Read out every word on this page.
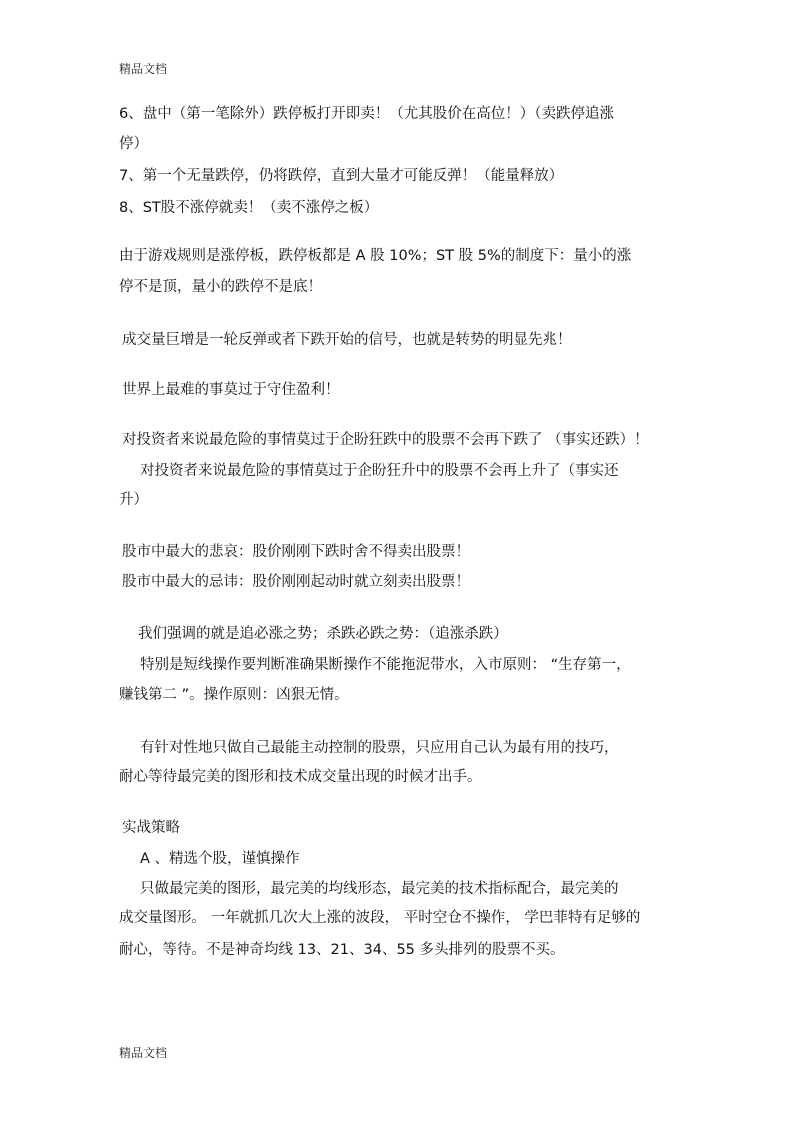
精品文档
6、盘中（第一笔除外）跌停板打开即卖！（尤其股价在高位！）（卖跌停追涨
停）
7、第一个无量跌停，仍将跌停，直到大量才可能反弹！（能量释放）
8、ST股不涨停就卖！（卖不涨停之板）
由于游戏规则是涨停板，跌停板都是 A 股 10%；ST 股 5%的制度下：量小的涨
停不是顶，量小的跌停不是底！
成交量巨增是一轮反弹或者下跌开始的信号，也就是转势的明显先兆！
世界上最难的事莫过于守住盈利！
对投资者来说最危险的事情莫过于企盼狂跌中的股票不会再下跌了 （事实还跌）！
对投资者来说最危险的事情莫过于企盼狂升中的股票不会再上升了（事实还
升）
股市中最大的悲哀：股价刚刚下跌时舍不得卖出股票！
股市中最大的忌讳：股价刚刚起动时就立刻卖出股票！
我们强调的就是追必涨之势；杀跌必跌之势：（追涨杀跌）
特别是短线操作要判断准确果断操作不能拖泥带水，入市原则： “生存第一，
赚钱第二 ”。操作原则：凶狠无情。
有针对性地只做自己最能主动控制的股票，只应用自己认为最有用的技巧，
耐心等待最完美的图形和技术成交量出现的时候才出手。
实战策略
A 、精选个股，谨慎操作
只做最完美的图形，最完美的均线形态，最完美的技术指标配合，最完美的
成交量图形。 一年就抓几次大上涨的波段， 平时空仓不操作， 学巴菲特有足够的
耐心，等待。不是神奇均线 13、21、34、55 多头排列的股票不买。
精品文档
